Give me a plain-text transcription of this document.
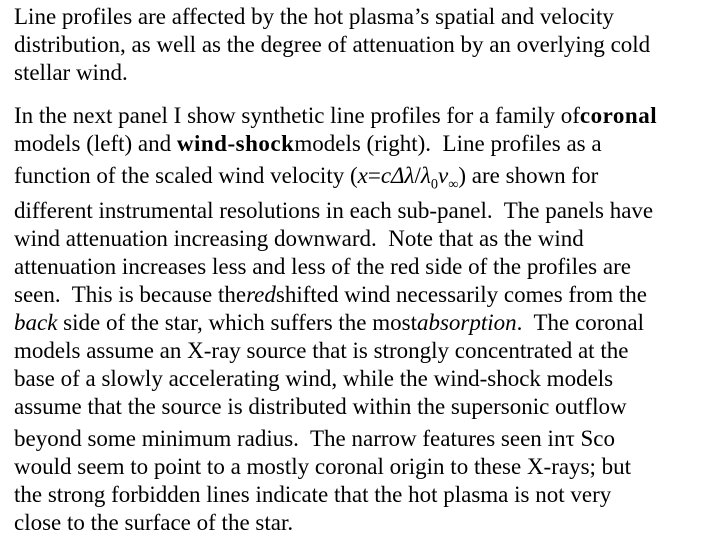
Line profiles are affected by the hot plasma’s spatial and velocity
distribution, as well as the degree of attenuation by an overlying cold
stellar wind.
In the next panel I show synthetic line profiles for a family ofcoronal
models (left) and wind-shockmodels (right).  Line profiles as a
function of the scaled wind velocity $(x=c\Delta\lambda/\lambda_0v_\infty)$ are shown for
different instrumental resolutions in each sub-panel.  The panels have
wind attenuation increasing downward.  Note that as the wind
attenuation increases less and less of the red side of the profiles are
seen.  This is because theredshifted wind necessarily comes from the
back side of the star, which suffers the mostabsorption.  The coronal
models assume an X-ray source that is strongly concentrated at the
base of a slowly accelerating wind, while the wind-shock models
assume that the source is distributed within the supersonic outflow
beyond some minimum radius.  The narrow features seen inτ Sco
would seem to point to a mostly coronal origin to these X-rays; but
the strong forbidden lines indicate that the hot plasma is not very
close to the surface of the star.
